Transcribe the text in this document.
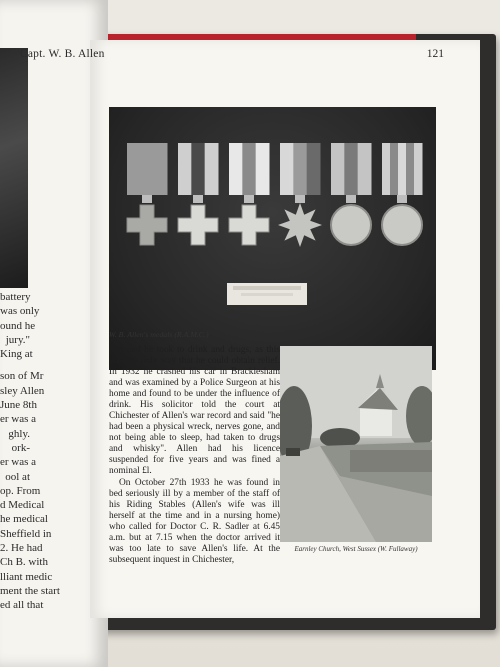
battery
was only
ound he
jury."
King at
son of Mr
sley Allen
June 8th
er was a
ghly.
ork-
er was a
ool at
op. From
d Medical
he medical
Sheffield in
2. He had
Ch B. with
lliant medic
ment the start
ed all that
Capt. W. B. Allen	121
W. B. Allen's medals (R.A.M.C.)

him and he took to drink and drugs, as this was the only way that he could obtain relief. In 1932 he crashed his car in Bracklesham and was examined by a Police Surgeon at his home and found to be under the influence of drink. His solicitor told the court at Chichester of Allen's war record and said "he had been a physical wreck, nerves gone, and not being able to sleep, had taken to drugs and whisky". Allen had his licence suspended for five years and was fined a nominal £l.

On October 27th 1933 he was found in bed seriously ill by a member of the staff of his Riding Stables (Allen's wife was ill herself at the time and in a nursing home) who called for Doctor C. R. Sadler at 6.45 a.m. but at 7.15 when the doctor arrived it was too late to save Allen's life. At the subsequent inquest in Chichester,

Earnley Church, West Sussex (W. Fullaway)
